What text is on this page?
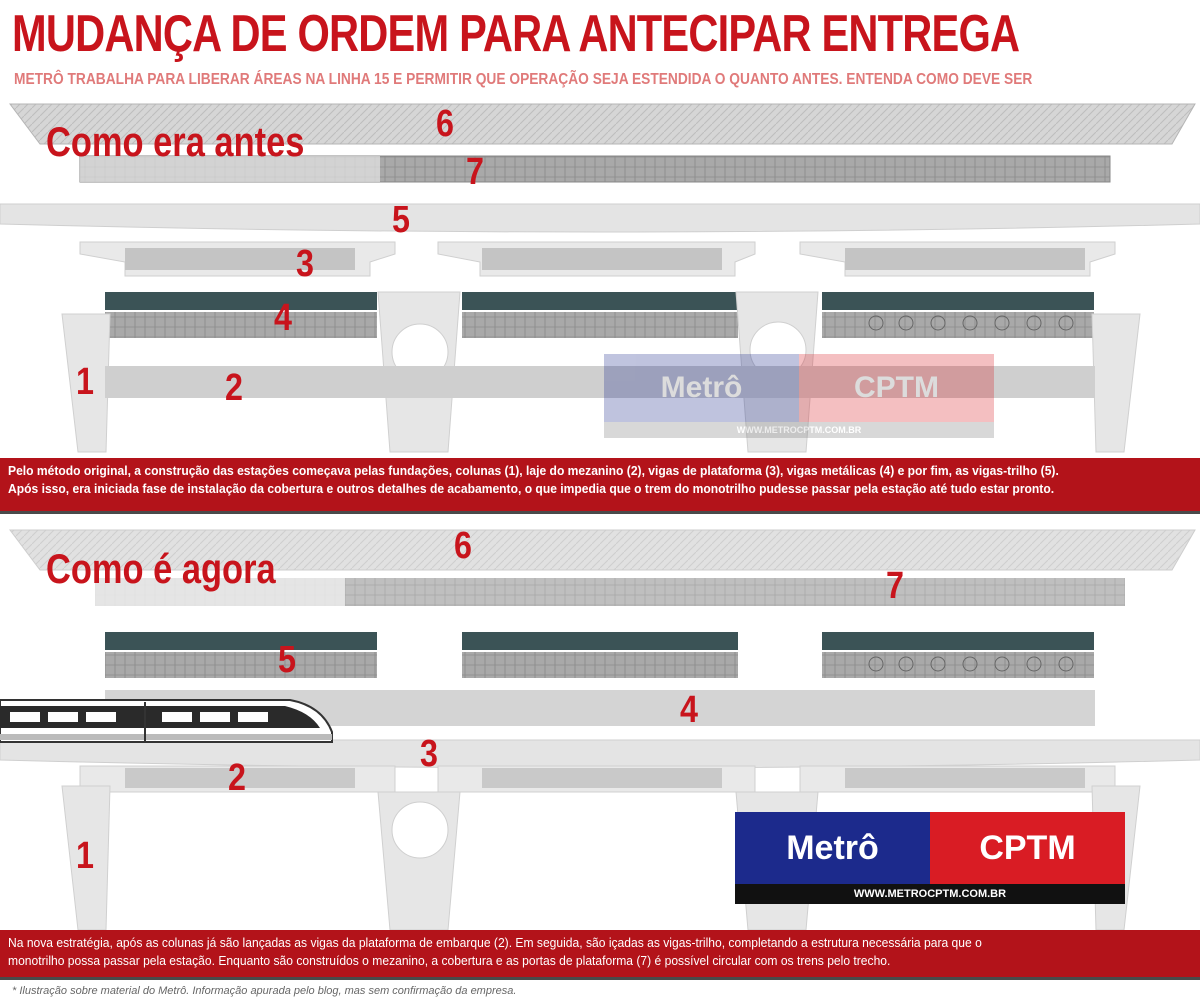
MUDANÇA DE ORDEM PARA ANTECIPAR ENTREGA
METRÔ TRABALHA PARA LIBERAR ÁREAS NA LINHA 15 E PERMITIR QUE OPERAÇÃO SEJA ESTENDIDA O QUANTO ANTES. ENTENDA COMO DEVE SER
Metrô	CPTM
WWW.METROCPTM.COM.BR
Como era antes	6
7
5
3
4
1	2
Pelo método original, a construção das estações começava pelas fundações, colunas (1), laje do mezanino (2), vigas de plataforma (3), vigas metálicas (4) e por fim, as vigas-trilho (5).
Após isso, era iniciada fase de instalação da cobertura e outros detalhes de acabamento, o que impedia que o trem do monotrilho pudesse passar pela estação até tudo estar pronto.
Como é agora	6
7
5
4
3
2
1	Metrô	CPTM
WWW.METROCPTM.COM.BR
Na nova estratégia, após as colunas já são lançadas as vigas da plataforma de embarque (2). Em seguida, são içadas as vigas-trilho, completando a estrutura necessária para que o
monotrilho possa passar pela estação. Enquanto são construídos o mezanino, a cobertura e as portas de plataforma (7) é possível circular com os trens pelo trecho.
* Ilustração sobre material do Metrô. Informação apurada pelo blog, mas sem confirmação da empresa.
